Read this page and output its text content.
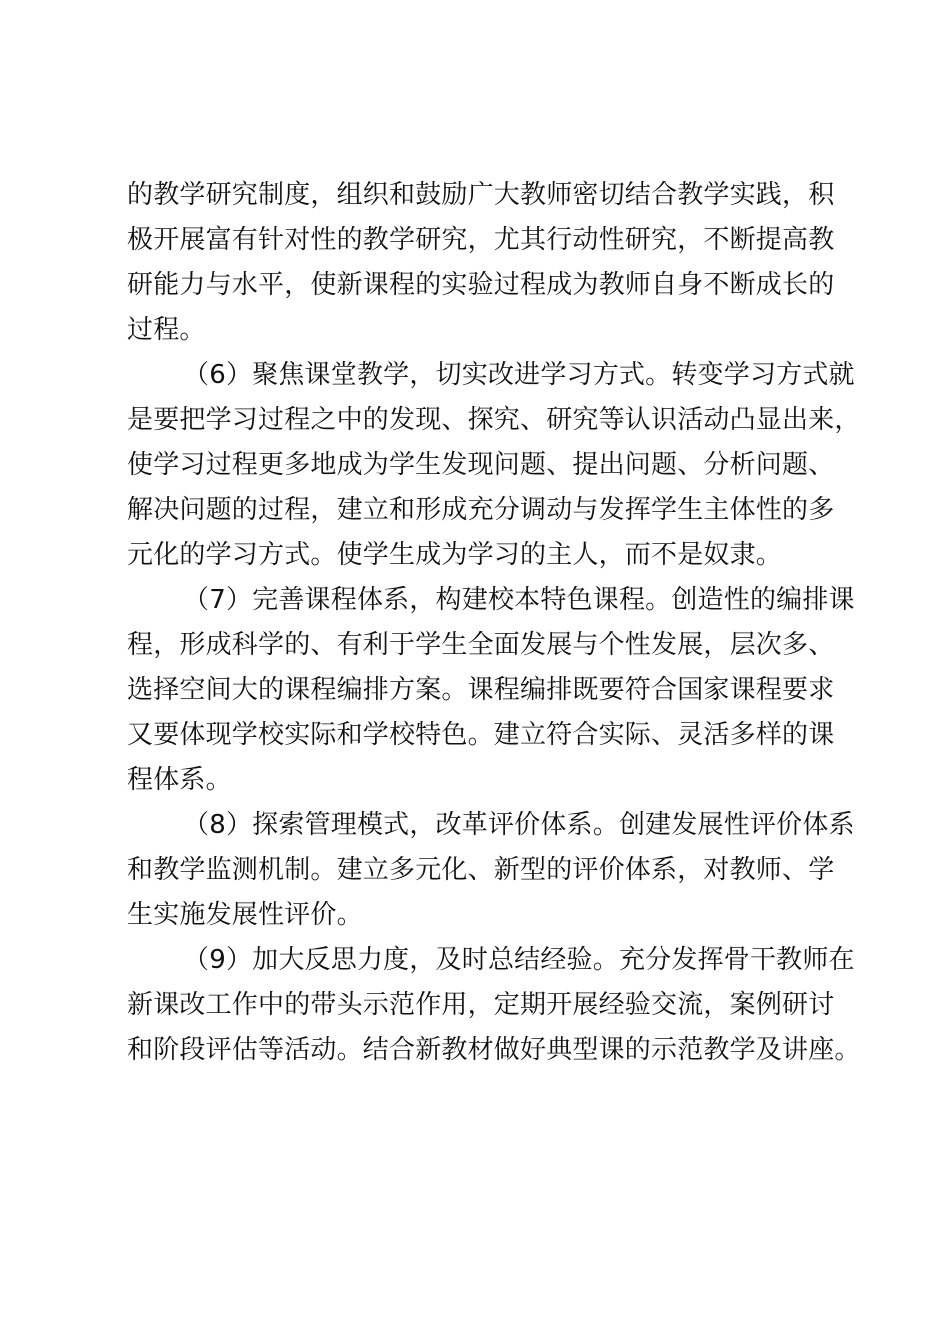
的教学研究制度，组织和鼓励广大教师密切结合教学实践，积
极开展富有针对性的教学研究，尤其行动性研究，不断提高教
研能力与水平，使新课程的实验过程成为教师自身不断成长的
过程。
（6）聚焦课堂教学，切实改进学习方式。转变学习方式就
是要把学习过程之中的发现、探究、研究等认识活动凸显出来，
使学习过程更多地成为学生发现问题、提出问题、分析问题、
解决问题的过程，建立和形成充分调动与发挥学生主体性的多
元化的学习方式。使学生成为学习的主人，而不是奴隶。
（7）完善课程体系，构建校本特色课程。创造性的编排课
程，形成科学的、有利于学生全面发展与个性发展，层次多、
选择空间大的课程编排方案。课程编排既要符合国家课程要求
又要体现学校实际和学校特色。建立符合实际、灵活多样的课
程体系。
（8）探索管理模式，改革评价体系。创建发展性评价体系
和教学监测机制。建立多元化、新型的评价体系，对教师、学
生实施发展性评价。
（9）加大反思力度，及时总结经验。充分发挥骨干教师在
新课改工作中的带头示范作用，定期开展经验交流，案例研讨
和阶段评估等活动。结合新教材做好典型课的示范教学及讲座。
